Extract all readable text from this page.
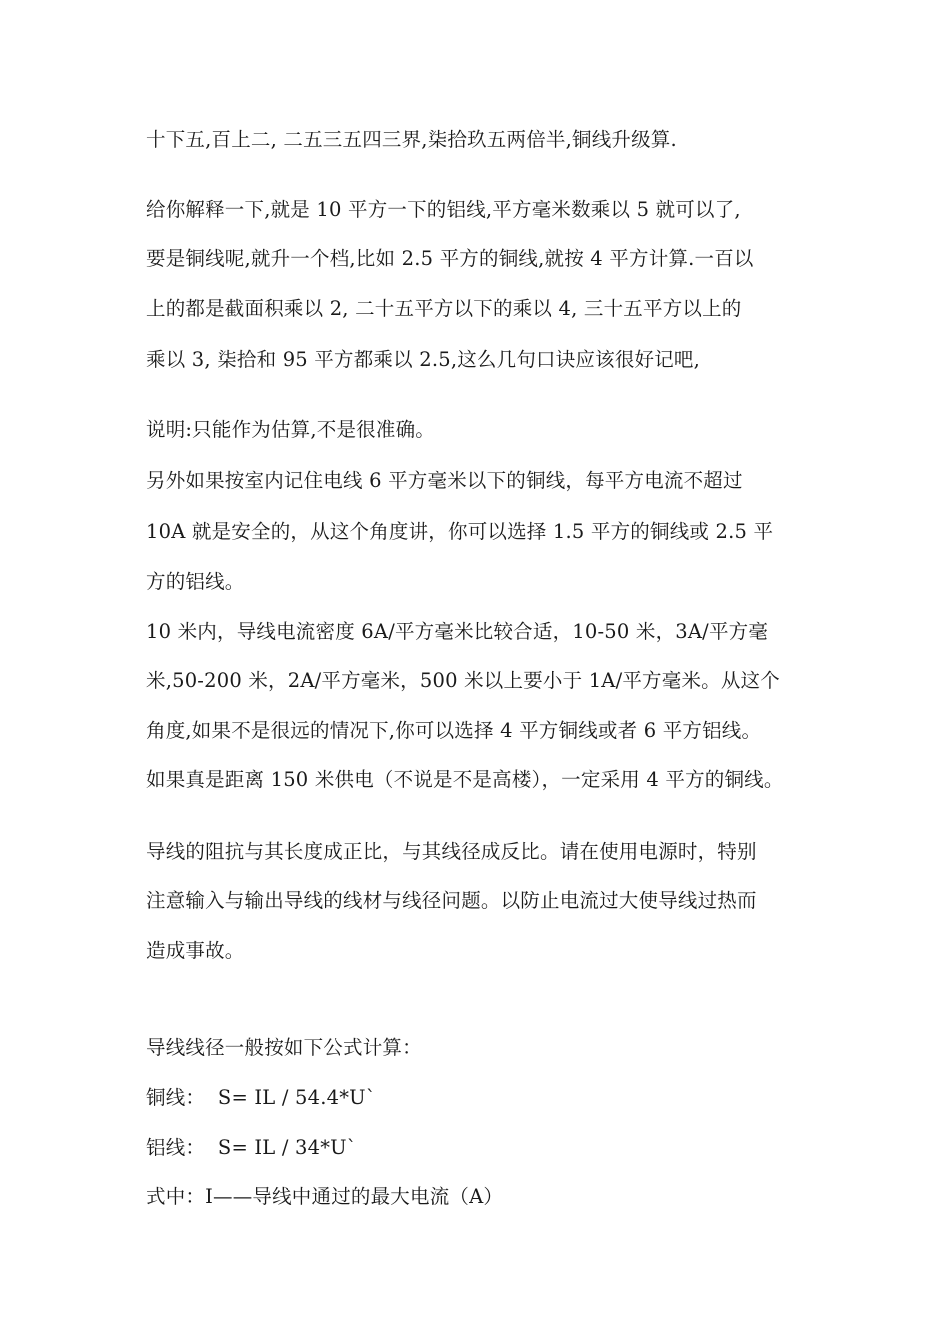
十下五,百上二, 二五三五四三界,柒拾玖五两倍半,铜线升级算.
给你解释一下,就是 10 平方一下的铝线,平方毫米数乘以 5 就可以了,
要是铜线呢,就升一个档,比如 2.5 平方的铜线,就按 4 平方计算.一百以
上的都是截面积乘以 2, 二十五平方以下的乘以 4, 三十五平方以上的
乘以 3, 柒拾和 95 平方都乘以 2.5,这么几句口诀应该很好记吧,
说明:只能作为估算,不是很准确。
另外如果按室内记住电线 6 平方毫米以下的铜线，每平方电流不超过
10A 就是安全的，从这个角度讲，你可以选择 1.5 平方的铜线或 2.5 平
方的铝线。
10 米内，导线电流密度 6A/平方毫米比较合适，10-50 米，3A/平方毫
米,50-200 米，2A/平方毫米，500 米以上要小于 1A/平方毫米。从这个
角度,如果不是很远的情况下,你可以选择 4 平方铜线或者 6 平方铝线。
如果真是距离 150 米供电（不说是不是高楼），一定采用 4 平方的铜线。
导线的阻抗与其长度成正比，与其线径成反比。请在使用电源时，特别
注意输入与输出导线的线材与线径问题。以防止电流过大使导线过热而
造成事故。
导线线径一般按如下公式计算：
铜线：  S= IL / 54.4*U`
铝线：  S= IL / 34*U`
式中：I——导线中通过的最大电流（A）
